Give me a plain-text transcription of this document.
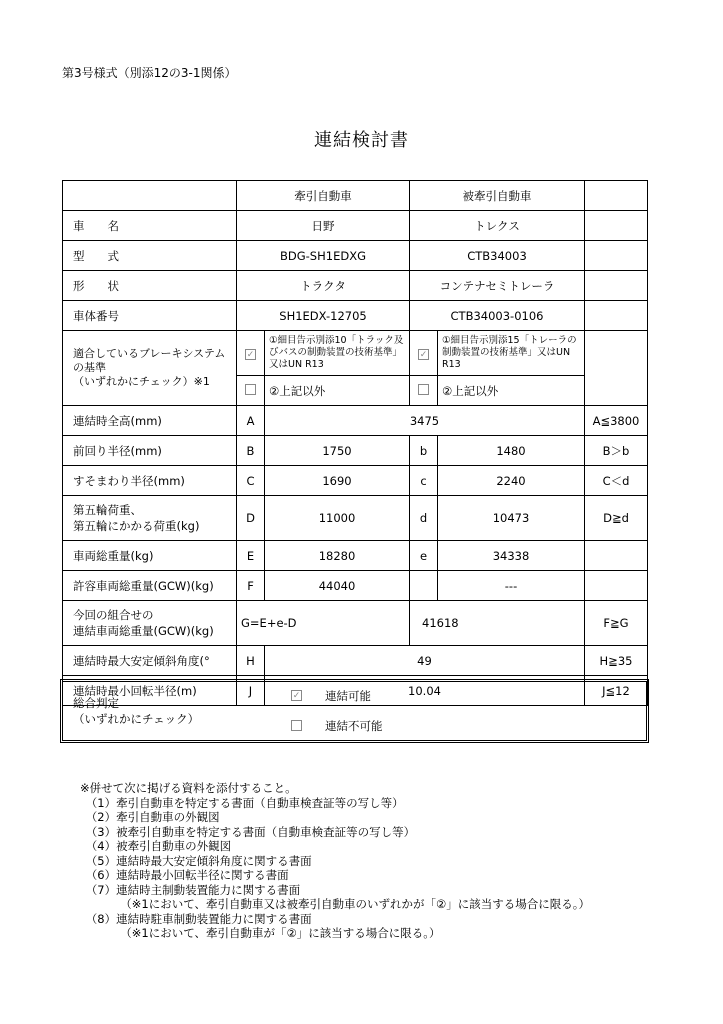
第3号様式（別添12の3-1関係）
連結検討書
	牽引自動車		被牽引自動車		
車　　名	日野		トレクス		
型　　式	BDG-SH1EDXG		CTB34003		
形　　状	トラクタ		コンテナセミトレーラ		
車体番号	SH1EDX-12705		CTB34003-0106		
適合しているブレーキシステムの基準
（いずれかにチェック）※1	✓	①細目告示別添10「トラック及びバスの制動装置の技術基準」又はUN R13	✓	①細目告示別添15「トレーラの制動装置の技術基準」又はUN R13	
		②上記以外		②上記以外	
連結時全高(mm)	A	3475			A≦3800
前回り半径(mm)	B	1750	b	1480	B＞b
すそまわり半径(mm)	C	1690	c	2240	C＜d
第五輪荷重、
第五輪にかかる荷重(kg)	D	11000	d	10473	D≧d
車両総重量(kg)	E	18280	e	34338	
許容車両総重量(GCW)(kg)	F	44040		---	
今回の組合せの
連結車両総重量(GCW)(kg)	G=E+e-D		41618		F≧G
連結時最大安定傾斜角度(°	H	49			H≧35
連結時最小回転半径(m)	J	10.04			J≦12
総合判定
（いずれかにチェック）
✓ 連結可能
連結不可能
※併せて次に掲げる資料を添付すること。
　（1）牽引自動車を特定する書面（自動車検査証等の写し等）
　（2）牽引自動車の外観図
　（3）被牽引自動車を特定する書面（自動車検査証等の写し等）
　（4）被牽引自動車の外観図
　（5）連結時最大安定傾斜角度に関する書面
　（6）連結時最小回転半径に関する書面
　（7）連結時主制動装置能力に関する書面
　　　　（※1において、牽引自動車又は被牽引自動車のいずれかが「②」に該当する場合に限る。）
　（8）連結時駐車制動装置能力に関する書面
　　　　（※1において、牽引自動車が「②」に該当する場合に限る。）
